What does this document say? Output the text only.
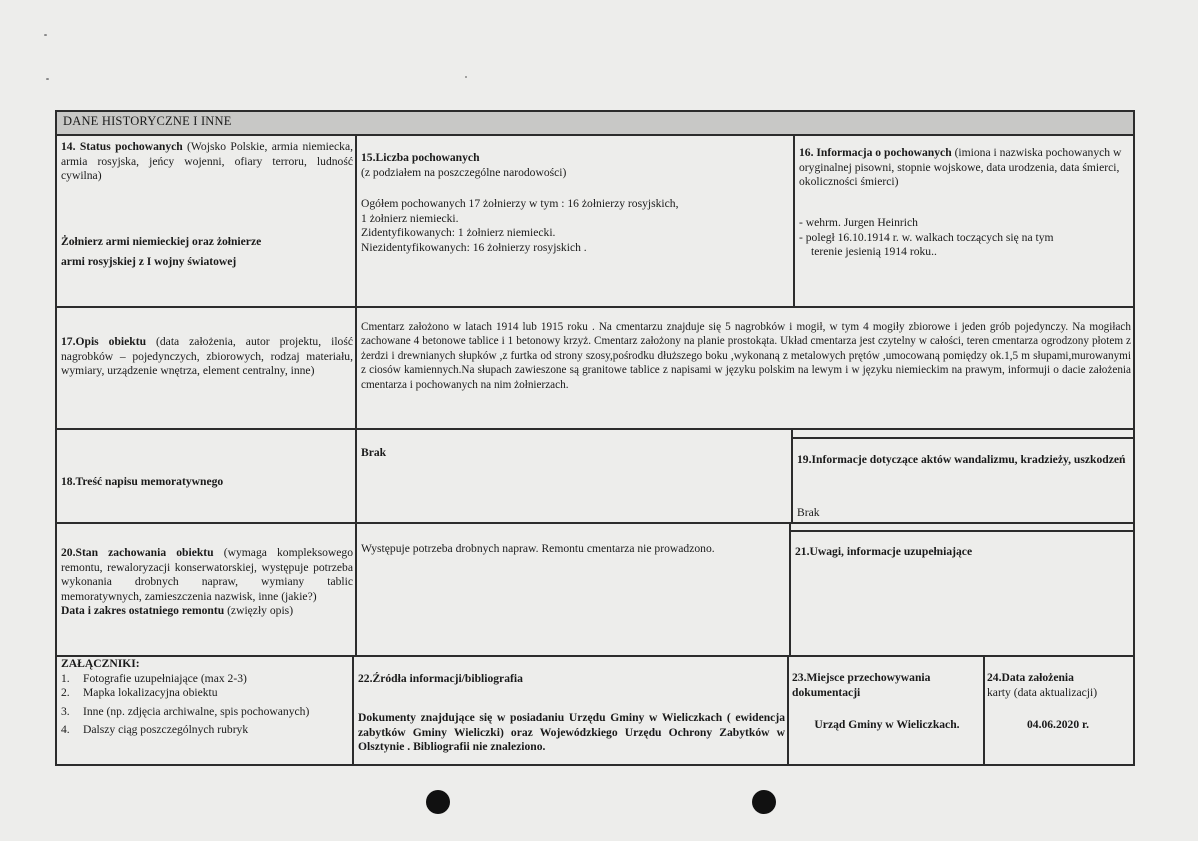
DANE HISTORYCZNE I INNE
14. Status pochowanych (Wojsko Polskie, armia niemiecka, armia rosyjska, jeńcy wojenni, ofiary terroru, ludność cywilna)
Żołnierz armi niemieckiej oraz żołnierze
armi rosyjskiej z I wojny światowej
15.Liczba pochowanych
(z podziałem na poszczególne narodowości)
Ogółem pochowanych 17 żołnierzy w tym : 16 żołnierzy rosyjskich,
1 żołnierz niemiecki.
Zidentyfikowanych: 1 żołnierz niemiecki.
Niezidentyfikowanych: 16 żołnierzy rosyjskich .
16. Informacja o pochowanych (imiona i nazwiska pochowanych w oryginalnej pisowni, stopnie wojskowe, data urodzenia, data śmierci, okoliczności śmierci)
- wehrm. Jurgen Heinrich
- poległ 16.10.1914 r. w. walkach toczących się na tym
terenie jesienią 1914 roku..
17.Opis obiektu (data założenia, autor projektu, ilość nagrobków – pojedynczych, zbiorowych, rodzaj materiału, wymiary, urządzenie wnętrza, element centralny, inne)
Cmentarz założono w latach 1914 lub 1915 roku . Na cmentarzu znajduje się 5 nagrobków i mogił, w tym 4 mogiły zbiorowe i jeden grób pojedynczy. Na mogiłach zachowane 4 betonowe tablice i 1 betonowy krzyż. Cmentarz założony na planie prostokąta. Układ cmentarza jest czytelny w całości, teren cmentarza ogrodzony płotem z żerdzi i drewnianych słupków ,z furtka od strony szosy,pośrodku dłuższego boku ,wykonaną z metalowych prętów ,umocowaną pomiędzy ok.1,5 m słupami,murowanymi z ciosów kamiennych.Na słupach zawieszone są granitowe tablice z napisami w języku polskim na lewym i w języku niemieckim na prawym, informuji o dacie założenia cmentarza i pochowanych na nim żołnierzach.
18.Treść napisu memoratywnego
Brak
19.Informacje dotyczące aktów wandalizmu, kradzieży, uszkodzeń
Brak
20.Stan zachowania obiektu (wymaga kompleksowego remontu, rewaloryzacji konserwatorskiej, występuje potrzeba wykonania drobnych napraw, wymiany tablic memoratywnych, zamieszczenia nazwisk, inne (jakie?)
Data i zakres ostatniego remontu (zwięzły opis)
Występuje potrzeba drobnych napraw. Remontu cmentarza nie prowadzono.	21.Uwagi, informacje uzupełniające
ZAŁĄCZNIKI:
1. Fotografie uzupełniające (max 2-3)
2. Mapka lokalizacyjna obiektu
3. Inne (np. zdjęcia archiwalne, spis pochowanych)
4. Dalszy ciąg poszczególnych rubryk
22.Źródła informacji/bibliografia
Dokumenty znajdujące się w posiadaniu Urzędu Gminy w Wieliczkach ( ewidencja zabytków Gminy Wieliczki) oraz Wojewódzkiego Urzędu Ochrony Zabytków w Olsztynie . Bibliografii nie znaleziono.
23.Miejsce przechowywania dokumentacji
Urząd Gminy w Wieliczkach.
24.Data założenia
karty (data aktualizacji)
04.06.2020 r.
